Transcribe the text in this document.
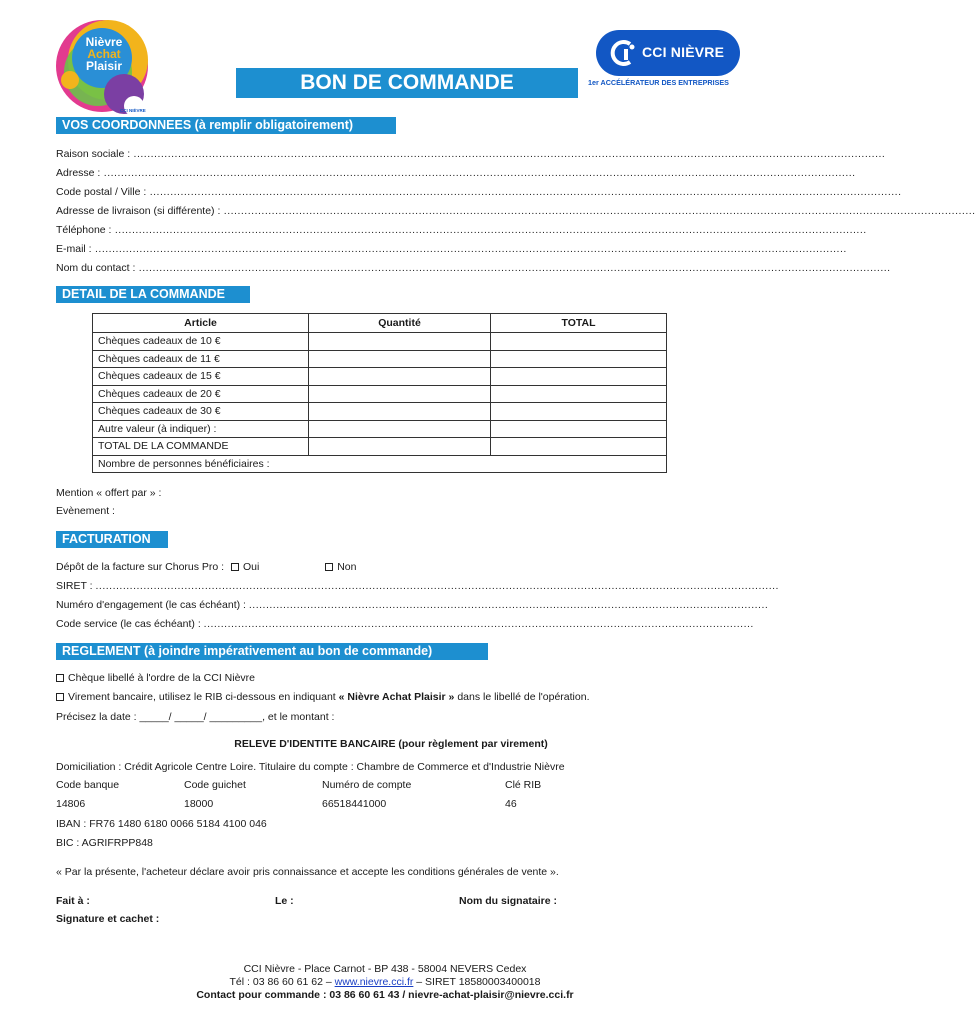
Nièvre
Achat
Plaisir
CCI NIÈVRE
BON DE COMMANDE
CCI NIÈVRE
1er ACCÉLÉRATEUR DES ENTREPRISES
VOS COORDONNEES (à remplir obligatoirement)
Raison sociale : ............................................................................................................................................................................................................................
Adresse : ............................................................................................................................................................................................................................
Code postal / Ville : ............................................................................................................................................................................................................................
Adresse de livraison (si différente) : ............................................................................................................................................................................................................................
Téléphone : ............................................................................................................................................................................................................................
E-mail : ............................................................................................................................................................................................................................
Nom du contact : ............................................................................................................................................................................................................................
DETAIL DE LA COMMANDE
Article	Quantité	TOTAL
Chèques cadeaux de 10 €		
Chèques cadeaux de 11 €		
Chèques cadeaux de 15 €		
Chèques cadeaux de 20 €		
Chèques cadeaux de 30 €		
Autre valeur (à indiquer) :		
TOTAL DE LA COMMANDE		
Nombre de personnes bénéficiaires :		
Mention « offert par » :
Evènement :
FACTURATION
Dépôt de la facture sur Chorus Pro : Oui	Non
SIRET : ........................................................................................................................................................................................................
Numéro d'engagement (le cas échéant) : ........................................................................................................................................................
Code service (le cas échéant) : .................................................................................................................................................................
REGLEMENT (à joindre impérativement au bon de commande)
Chèque libellé à l'ordre de la CCI Nièvre
Virement bancaire, utilisez le RIB ci-dessous en indiquant « Nièvre Achat Plaisir » dans le libellé de l'opération.
Précisez la date : _____/ _____/ _________, et le montant :
RELEVE D'IDENTITE BANCAIRE (pour règlement par virement)
Domiciliation : Crédit Agricole Centre Loire. Titulaire du compte : Chambre de Commerce et d'Industrie Nièvre
Code banque	Code guichet	Numéro de compte	Clé RIB
14806	18000	66518441000	46
IBAN : FR76 1480 6180 0066 5184 4100 046
BIC : AGRIFRPP848
« Par la présente, l'acheteur déclare avoir pris connaissance et accepte les conditions générales de vente ».
Fait à :	Le :	Nom du signataire :
Signature et cachet :
CCI Nièvre - Place Carnot - BP 438 - 58004 NEVERS Cedex
Tél : 03 86 60 61 62 – www.nievre.cci.fr – SIRET 18580003400018
Contact pour commande : 03 86 60 61 43 / nievre-achat-plaisir@nievre.cci.fr
